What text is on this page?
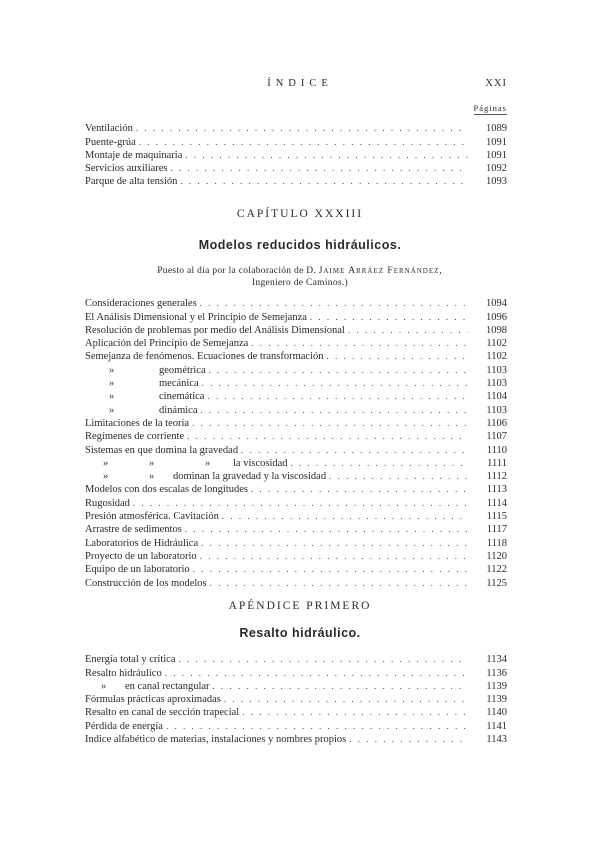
ÍNDICE	XXI
Páginas
Ventilación . . .	1089
Puente-grúa . . .	1091
Montaje de maquinaria . . .	1091
Servicios auxiliares . . .	1092
Parque de alta tensión . . .	1093
CAPÍTULO XXXIII
Modelos reducidos hidráulicos.
Puesto al día por la colaboración de D. Jaime Arráez Fernández,
Ingeniero de Caminos.)
Consideraciones generales . . .	1094
El Análisis Dimensional y el Principio de Semejanza . . .	1096
Resolución de problemas por medio del Análisis Dimensional . . .	1098
Aplicación del Principio de Semejanza . . .	1102
Semejanza de fenómenos. Ecuaciones de transformación . . .	1102
»	geométrica . . .	1103
»	mecánica . . .	1103
»	cinemática . . .	1104
»	dinámica . . .	1103
Limitaciones de la teoría . . .	1106
Regímenes de corriente . . .	1107
Sistemas en que domina la gravedad . . .	1110
»	»	» la viscosidad . . .	1111
»	» dominan la gravedad y la viscosidad . . .	1112
Modelos con dos escalas de longitudes . . .	1113
Rugosidad . . .	1114
Presión atmosférica. Cavitación . . .	1115
Arrastre de sedimentos . . .	1117
Laboratorios de Hidráulica . . .	1118
Proyecto de un laboratorio . . .	1120
Equipo de un laboratorio . . .	1122
Construcción de los modelos . . .	1125
APÉNDICE PRIMERO
Resalto hidráulico.
Energía total y crítica . . .	1134
Resalto hidráulico . . .	1136
» en canal rectangular . . .	1139
Fórmulas prácticas aproximadas . . .	1139
Resalto en canal de sección trapecial . . .	1140
Pérdida de energía . . .	1141
Indice alfabético de materias, instalaciones y nombres propios . . .	1143
